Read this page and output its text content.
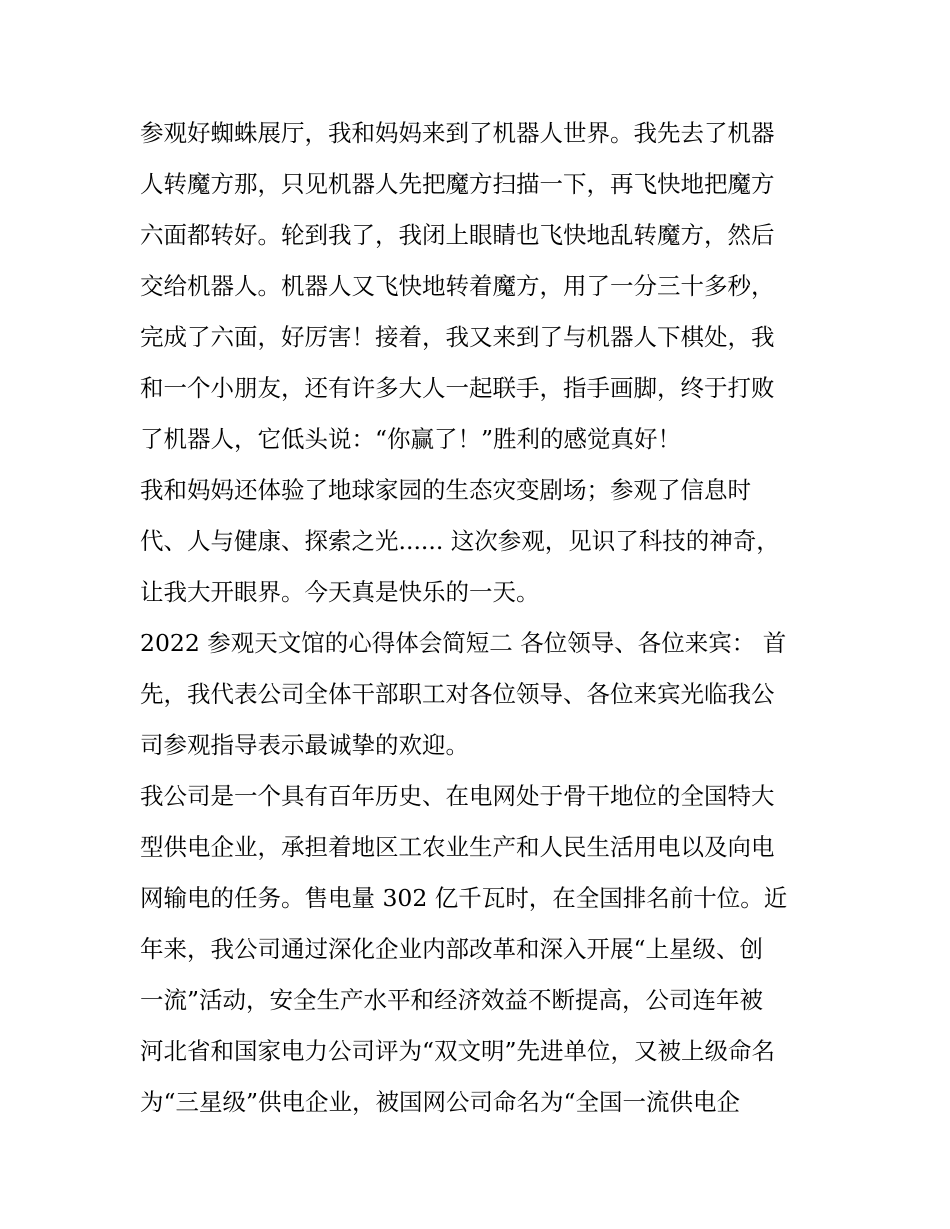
参观好蜘蛛展厅，我和妈妈来到了机器人世界。我先去了机器
人转魔方那，只见机器人先把魔方扫描一下，再飞快地把魔方
六面都转好。轮到我了，我闭上眼睛也飞快地乱转魔方，然后
交给机器人。机器人又飞快地转着魔方，用了一分三十多秒，
完成了六面，好厉害！接着，我又来到了与机器人下棋处，我
和一个小朋友，还有许多大人一起联手，指手画脚，终于打败
了机器人，它低头说：“你赢了！”胜利的感觉真好！
我和妈妈还体验了地球家园的生态灾变剧场；参观了信息时
代、人与健康、探索之光...... 这次参观，见识了科技的神奇，
让我大开眼界。今天真是快乐的一天。
2022 参观天文馆的心得体会简短二 各位领导、各位来宾： 首
先，我代表公司全体干部职工对各位领导、各位来宾光临我公
司参观指导表示最诚挚的欢迎。
我公司是一个具有百年历史、在电网处于骨干地位的全国特大
型供电企业，承担着地区工农业生产和人民生活用电以及向电
网输电的任务。售电量 302 亿千瓦时，在全国排名前十位。近
年来，我公司通过深化企业内部改革和深入开展“上星级、创
一流”活动，安全生产水平和经济效益不断提高，公司连年被
河北省和国家电力公司评为“双文明”先进单位，又被上级命名
为“三星级”供电企业，被国网公司命名为“全国一流供电企
